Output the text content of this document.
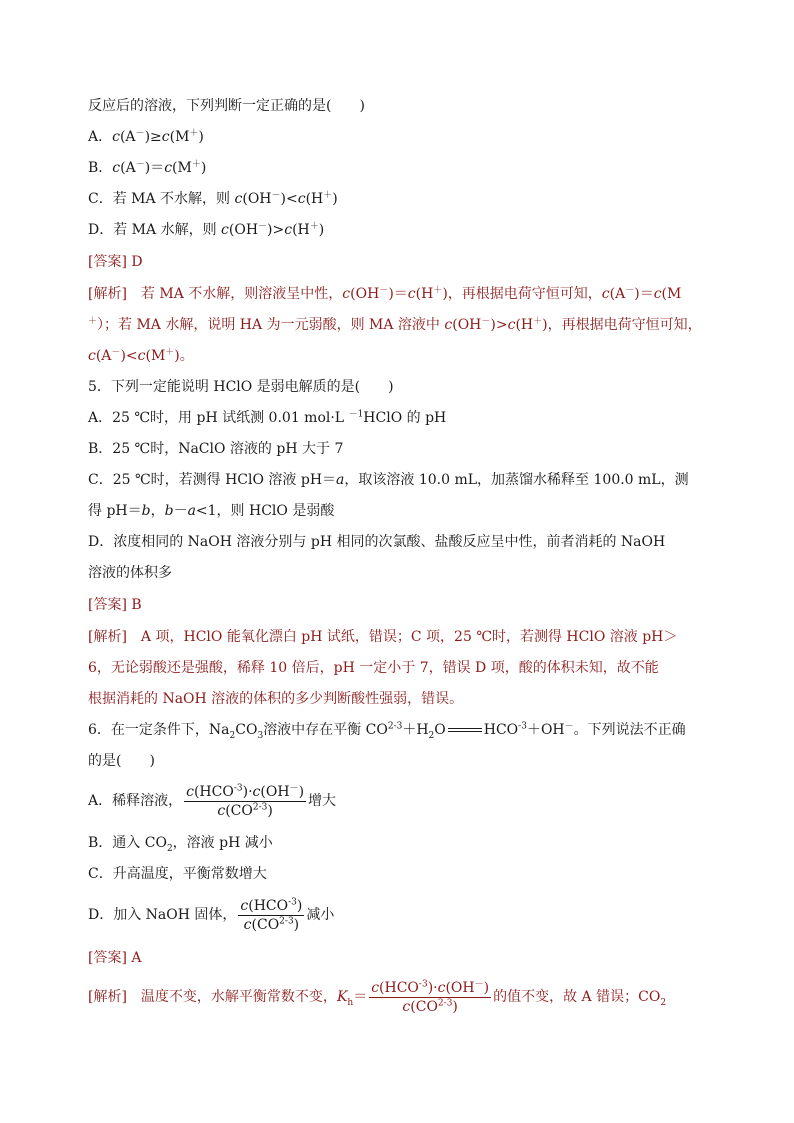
反应后的溶液，下列判断一定正确的是(　　)
A．c(A－)≥c(M＋)
B．c(A－)＝c(M＋)
C．若 MA 不水解，则 c(OH－)<c(H＋)
D．若 MA 水解，则 c(OH－)>c(H＋)
[答案] D
[解析]　若 MA 不水解，则溶液呈中性，c(OH－)＝c(H＋)，再根据电荷守恒可知，c(A－)＝c(M
＋）；若 MA 水解，说明 HA 为一元弱酸，则 MA 溶液中 c(OH－)>c(H＋)，再根据电荷守恒可知，
c(A－)<c(M＋)。
5．下列一定能说明 HClO 是弱电解质的是(　　)
A．25 ℃时，用 pH 试纸测 0.01 mol·L $^{-1}$HClO 的 pH
B．25 ℃时，NaClO 溶液的 pH 大于 7
C．25 ℃时，若测得 HClO 溶液 pH＝a，取该溶液 10.0 mL，加蒸馏水稀释至 100.0 mL，测
得 pH＝b，b－a<1，则 HClO 是弱酸
D．浓度相同的 NaOH 溶液分别与 pH 相同的次氯酸、盐酸反应呈中性，前者消耗的 NaOH
溶液的体积多
[答案] B
[解析]　A 项，HClO 能氧化漂白 pH 试纸，错误；C 项，25 ℃时，若测得 HClO 溶液 pH＞
6，无论弱酸还是强酸，稀释 10 倍后，pH 一定小于 7，错误 D 项，酸的体积未知，故不能
根据消耗的 NaOH 溶液的体积的多少判断酸性强弱，错误。
6．在一定条件下，$Na_2CO_3$溶液中存在平衡 $CO^{2-3}+H_2O$	$HCO^{-3}+OH^-$。下列说法不正确
的是(　　)
A．稀释溶液， $\frac{c(HCO^{-3})\cdot c(OH^-)}{c(CO^{2-3})}$ 增大
B．通入 $CO_2$，溶液 pH 减小
C．升高温度，平衡常数增大
D．加入 NaOH 固体， $\frac{c(HCO^{-3})}{c(CO^{2-3})}$ 减小
[答案] A
[解析]　温度不变，水解平衡常数不变，$K_h= \frac{c(HCO^{-3})\cdot c(OH^-)}{c(CO^{2-3})}$ 的值不变，故 A 错误；$CO_2$
